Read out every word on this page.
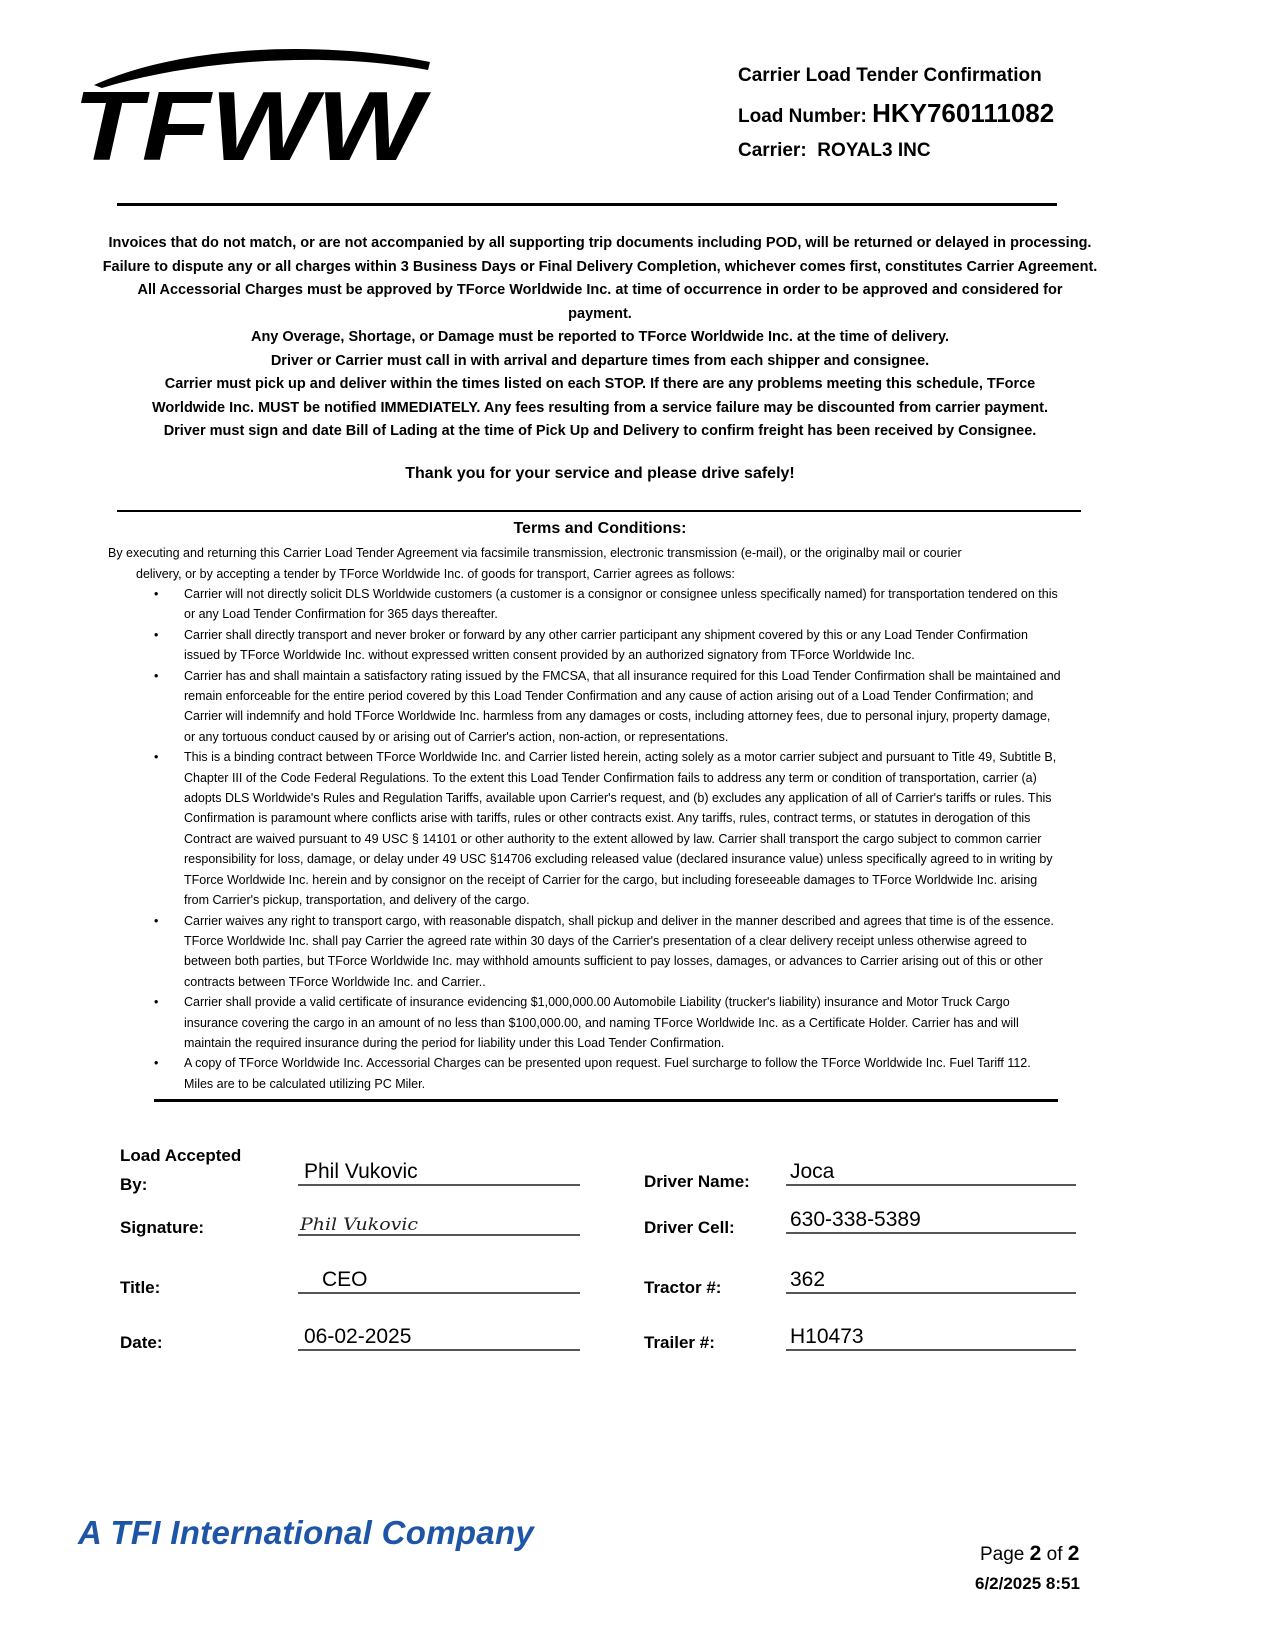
TFWW	Carrier Load Tender Confirmation
Load Number: HKY760111082
Carrier: ROYAL3 INC

Invoices that do not match, or are not accompanied by all supporting trip documents including POD, will be returned or delayed in processing.

Failure to dispute any or all charges within 3 Business Days or Final Delivery Completion, whichever comes first, constitutes Carrier Agreement.

All Accessorial Charges must be approved by TForce Worldwide Inc. at time of occurrence in order to be approved and considered for

payment.

Any Overage, Shortage, or Damage must be reported to TForce Worldwide Inc. at the time of delivery.

Driver or Carrier must call in with arrival and departure times from each shipper and consignee.

Carrier must pick up and deliver within the times listed on each STOP. If there are any problems meeting this schedule, TForce

Worldwide Inc. MUST be notified IMMEDIATELY. Any fees resulting from a service failure may be discounted from carrier payment.

Driver must sign and date Bill of Lading at the time of Pick Up and Delivery to confirm freight has been received by Consignee.

Thank you for your service and please drive safely!
Terms and Conditions:
By executing and returning this Carrier Load Tender Agreement via facsimile transmission, electronic transmission (e-mail), or the originalby mail or courier
delivery, or by accepting a tender by TForce Worldwide Inc. of goods for transport, Carrier agrees as follows:
• Carrier will not directly solicit DLS Worldwide customers (a customer is a consignor or consignee unless specifically named) for transportation tendered on this or any Load Tender Confirmation for 365 days thereafter.
• Carrier shall directly transport and never broker or forward by any other carrier participant any shipment covered by this or any Load Tender Confirmation issued by TForce Worldwide Inc. without expressed written consent provided by an authorized signatory from TForce Worldwide Inc.
• Carrier has and shall maintain a satisfactory rating issued by the FMCSA, that all insurance required for this Load Tender Confirmation shall be maintained and remain enforceable for the entire period covered by this Load Tender Confirmation and any cause of action arising out of a Load Tender Confirmation; and Carrier will indemnify and hold TForce Worldwide Inc. harmless from any damages or costs, including attorney fees, due to personal injury, property damage, or any tortuous conduct caused by or arising out of Carrier's action, non-action, or representations.
• This is a binding contract between TForce Worldwide Inc. and Carrier listed herein, acting solely as a motor carrier subject and pursuant to Title 49, Subtitle B, Chapter III of the Code Federal Regulations. To the extent this Load Tender Confirmation fails to address any term or condition of transportation, carrier (a) adopts DLS Worldwide's Rules and Regulation Tariffs, available upon Carrier's request, and (b) excludes any application of all of Carrier's tariffs or rules. This Confirmation is paramount where conflicts arise with tariffs, rules or other contracts exist. Any tariffs, rules, contract terms, or statutes in derogation of this Contract are waived pursuant to 49 USC § 14101 or other authority to the extent allowed by law. Carrier shall transport the cargo subject to common carrier responsibility for loss, damage, or delay under 49 USC §14706 excluding released value (declared insurance value) unless specifically agreed to in writing by TForce Worldwide Inc. herein and by consignor on the receipt of Carrier for the cargo, but including foreseeable damages to TForce Worldwide Inc. arising from Carrier's pickup, transportation, and delivery of the cargo.
• Carrier waives any right to transport cargo, with reasonable dispatch, shall pickup and deliver in the manner described and agrees that time is of the essence. TForce Worldwide Inc. shall pay Carrier the agreed rate within 30 days of the Carrier's presentation of a clear delivery receipt unless otherwise agreed to between both parties, but TForce Worldwide Inc. may withhold amounts sufficient to pay losses, damages, or advances to Carrier arising out of this or other contracts between TForce Worldwide Inc. and Carrier..
• Carrier shall provide a valid certificate of insurance evidencing $1,000,000.00 Automobile Liability (trucker's liability) insurance and Motor Truck Cargo insurance covering the cargo in an amount of no less than $100,000.00, and naming TForce Worldwide Inc. as a Certificate Holder. Carrier has and will maintain the required insurance during the period for liability under this Load Tender Confirmation.
• A copy of TForce Worldwide Inc. Accessorial Charges can be presented upon request. Fuel surcharge to follow the TForce Worldwide Inc. Fuel Tariff 112. Miles are to be calculated utilizing PC Miler.
Load Accepted By:
Signature:
Title:
Date:
Driver Name:
Driver Cell:
Tractor #:
Trailer #:
Phil Vukovic
Phil Vukovic
CEO
06-02-2025
Joca
630-338-5389
362
H10473
A TFI International Company
Page 2 of 2
6/2/2025 8:51
